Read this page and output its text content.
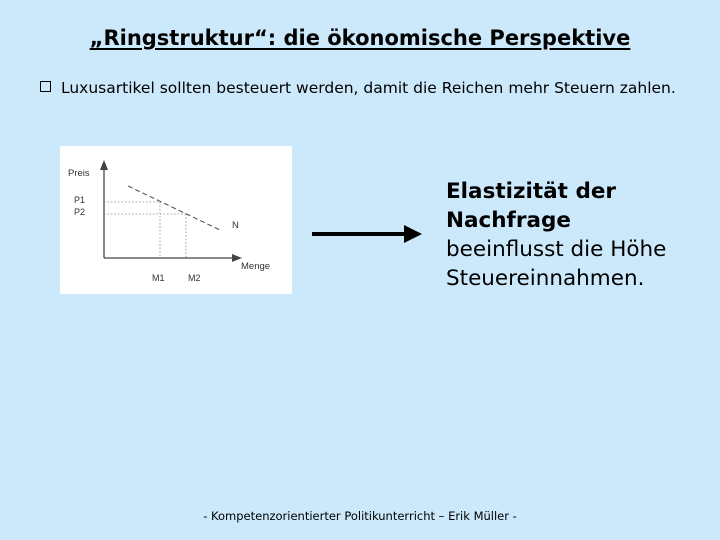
„Ringstruktur“: die ökonomische Perspektive
Luxusartikel sollten besteuert werden, damit die Reichen mehr Steuern zahlen.
Preis
Menge
N
P1
P2
M1	M2
Elastizität der Nachfrage
beeinflusst die Höhe Steuereinnahmen.
- Kompetenzorientierter Politikunterricht – Erik Müller -
